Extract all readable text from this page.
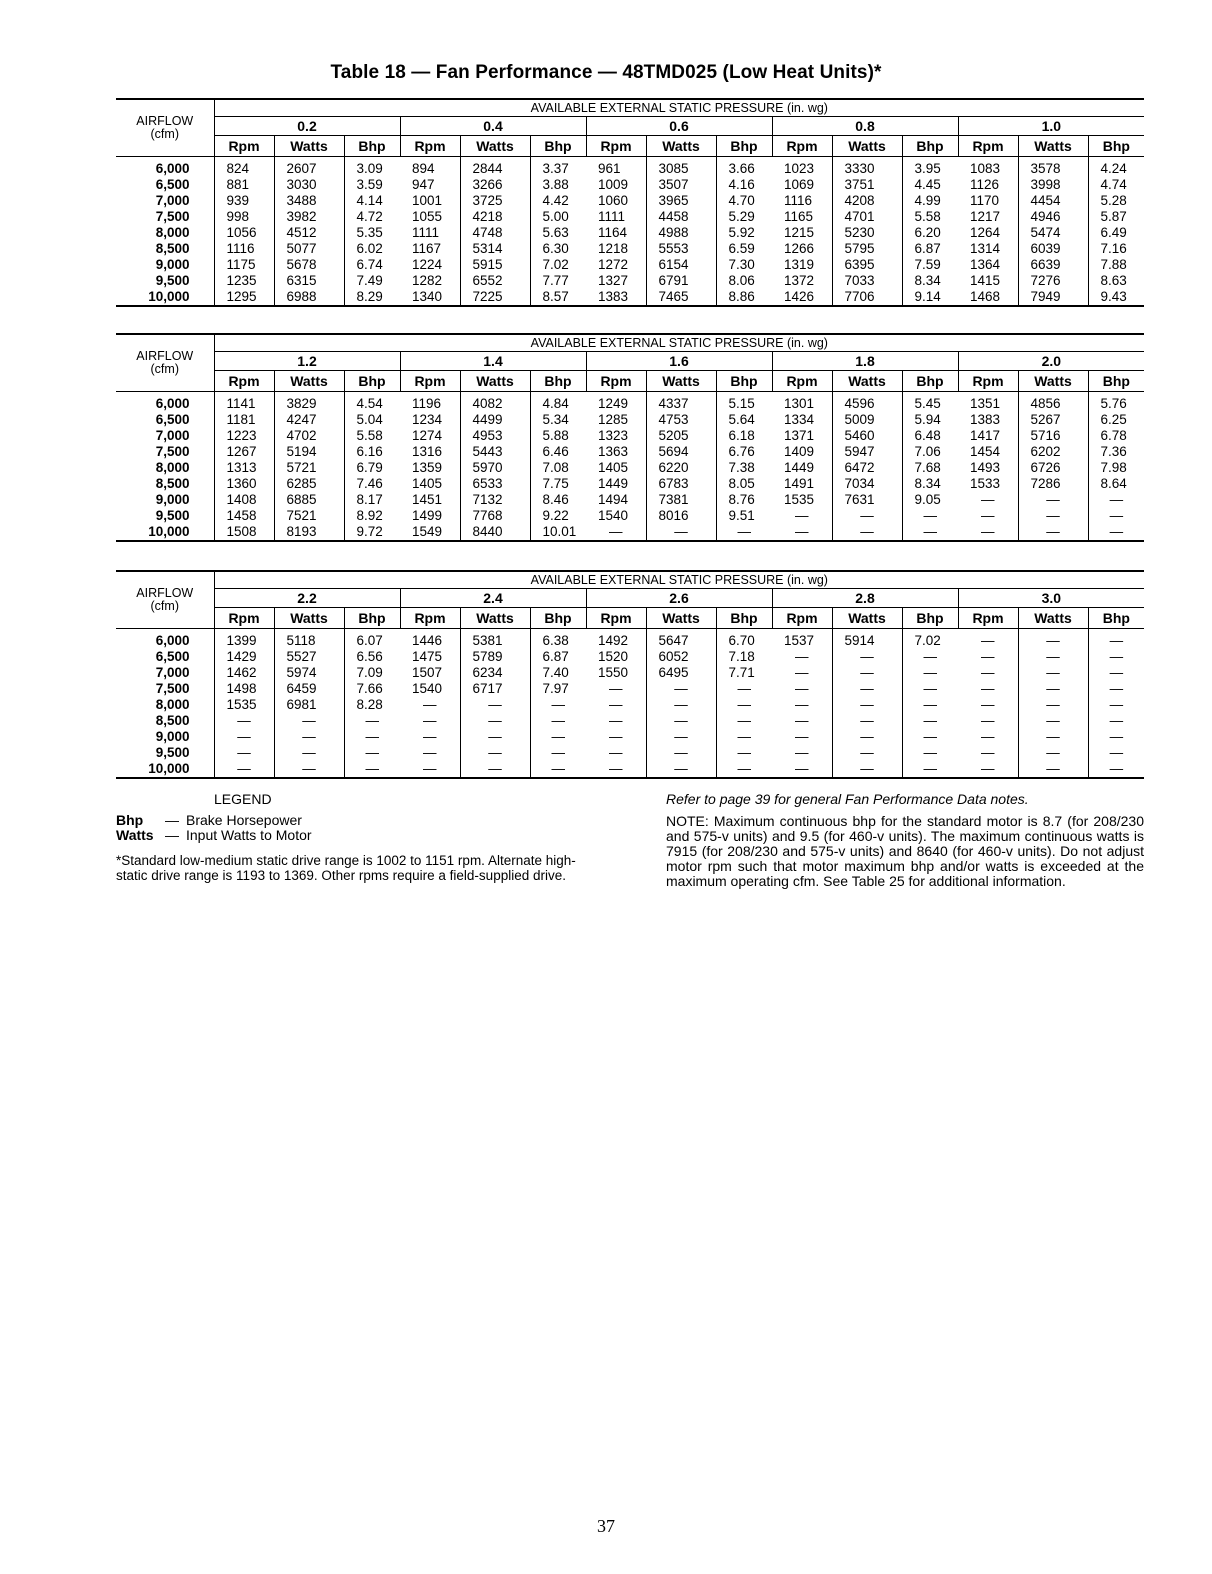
Table 18 — Fan Performance — 48TMD025 (Low Heat Units)*
AIRFLOW
(cfm)	AVAILABLE EXTERNAL STATIC PRESSURE (in. wg)														
	0.2			0.4			0.6			0.8			1.0		
	Rpm	Watts	Bhp	Rpm	Watts	Bhp	Rpm	Watts	Bhp	Rpm	Watts	Bhp	Rpm	Watts	Bhp
6,000	824	2607	3.09	894	2844	3.37	961	3085	3.66	1023	3330	3.95	1083	3578	4.24
6,500	881	3030	3.59	947	3266	3.88	1009	3507	4.16	1069	3751	4.45	1126	3998	4.74
7,000	939	3488	4.14	1001	3725	4.42	1060	3965	4.70	1116	4208	4.99	1170	4454	5.28
7,500	998	3982	4.72	1055	4218	5.00	1111	4458	5.29	1165	4701	5.58	1217	4946	5.87
8,000	1056	4512	5.35	1111	4748	5.63	1164	4988	5.92	1215	5230	6.20	1264	5474	6.49
8,500	1116	5077	6.02	1167	5314	6.30	1218	5553	6.59	1266	5795	6.87	1314	6039	7.16
9,000	1175	5678	6.74	1224	5915	7.02	1272	6154	7.30	1319	6395	7.59	1364	6639	7.88
9,500	1235	6315	7.49	1282	6552	7.77	1327	6791	8.06	1372	7033	8.34	1415	7276	8.63
10,000	1295	6988	8.29	1340	7225	8.57	1383	7465	8.86	1426	7706	9.14	1468	7949	9.43
AIRFLOW
(cfm)	AVAILABLE EXTERNAL STATIC PRESSURE (in. wg)														
	1.2			1.4			1.6			1.8			2.0		
	Rpm	Watts	Bhp	Rpm	Watts	Bhp	Rpm	Watts	Bhp	Rpm	Watts	Bhp	Rpm	Watts	Bhp
6,000	1141	3829	4.54	1196	4082	4.84	1249	4337	5.15	1301	4596	5.45	1351	4856	5.76
6,500	1181	4247	5.04	1234	4499	5.34	1285	4753	5.64	1334	5009	5.94	1383	5267	6.25
7,000	1223	4702	5.58	1274	4953	5.88	1323	5205	6.18	1371	5460	6.48	1417	5716	6.78
7,500	1267	5194	6.16	1316	5443	6.46	1363	5694	6.76	1409	5947	7.06	1454	6202	7.36
8,000	1313	5721	6.79	1359	5970	7.08	1405	6220	7.38	1449	6472	7.68	1493	6726	7.98
8,500	1360	6285	7.46	1405	6533	7.75	1449	6783	8.05	1491	7034	8.34	1533	7286	8.64
9,000	1408	6885	8.17	1451	7132	8.46	1494	7381	8.76	1535	7631	9.05	—	—	—
9,500	1458	7521	8.92	1499	7768	9.22	1540	8016	9.51	—	—	—	—	—	—
10,000	1508	8193	9.72	1549	8440	10.01	—	—	—	—	—	—	—	—	—
AIRFLOW
(cfm)	AVAILABLE EXTERNAL STATIC PRESSURE (in. wg)														
	2.2			2.4			2.6			2.8			3.0		
	Rpm	Watts	Bhp	Rpm	Watts	Bhp	Rpm	Watts	Bhp	Rpm	Watts	Bhp	Rpm	Watts	Bhp
6,000	1399	5118	6.07	1446	5381	6.38	1492	5647	6.70	1537	5914	7.02	—	—	—
6,500	1429	5527	6.56	1475	5789	6.87	1520	6052	7.18	—	—	—	—	—	—
7,000	1462	5974	7.09	1507	6234	7.40	1550	6495	7.71	—	—	—	—	—	—
7,500	1498	6459	7.66	1540	6717	7.97	—	—	—	—	—	—	—	—	—
8,000	1535	6981	8.28	—	—	—	—	—	—	—	—	—	—	—	—
8,500	—	—	—	—	—	—	—	—	—	—	—	—	—	—	—
9,000	—	—	—	—	—	—	—	—	—	—	—	—	—	—	—
9,500	—	—	—	—	—	—	—	—	—	—	—	—	—	—	—
10,000	—	—	—	—	—	—	—	—	—	—	—	—	—	—	—
LEGEND
Bhp	— Brake Horsepower
Watts — Input Watts to Motor
*Standard low-medium static drive range is 1002 to 1151 rpm. Alternate high-static drive range is 1193 to 1369. Other rpms require a field-supplied drive.
Refer to page 39 for general Fan Performance Data notes.
NOTE: Maximum continuous bhp for the standard motor is 8.7 (for 208/230 and 575-v units) and 9.5 (for 460-v units). The maximum continuous watts is 7915 (for 208/230 and 575-v units) and 8640 (for 460-v units). Do not adjust motor rpm such that motor maximum bhp and/or watts is exceeded at the maximum operating cfm. See Table 25 for additional information.
37
